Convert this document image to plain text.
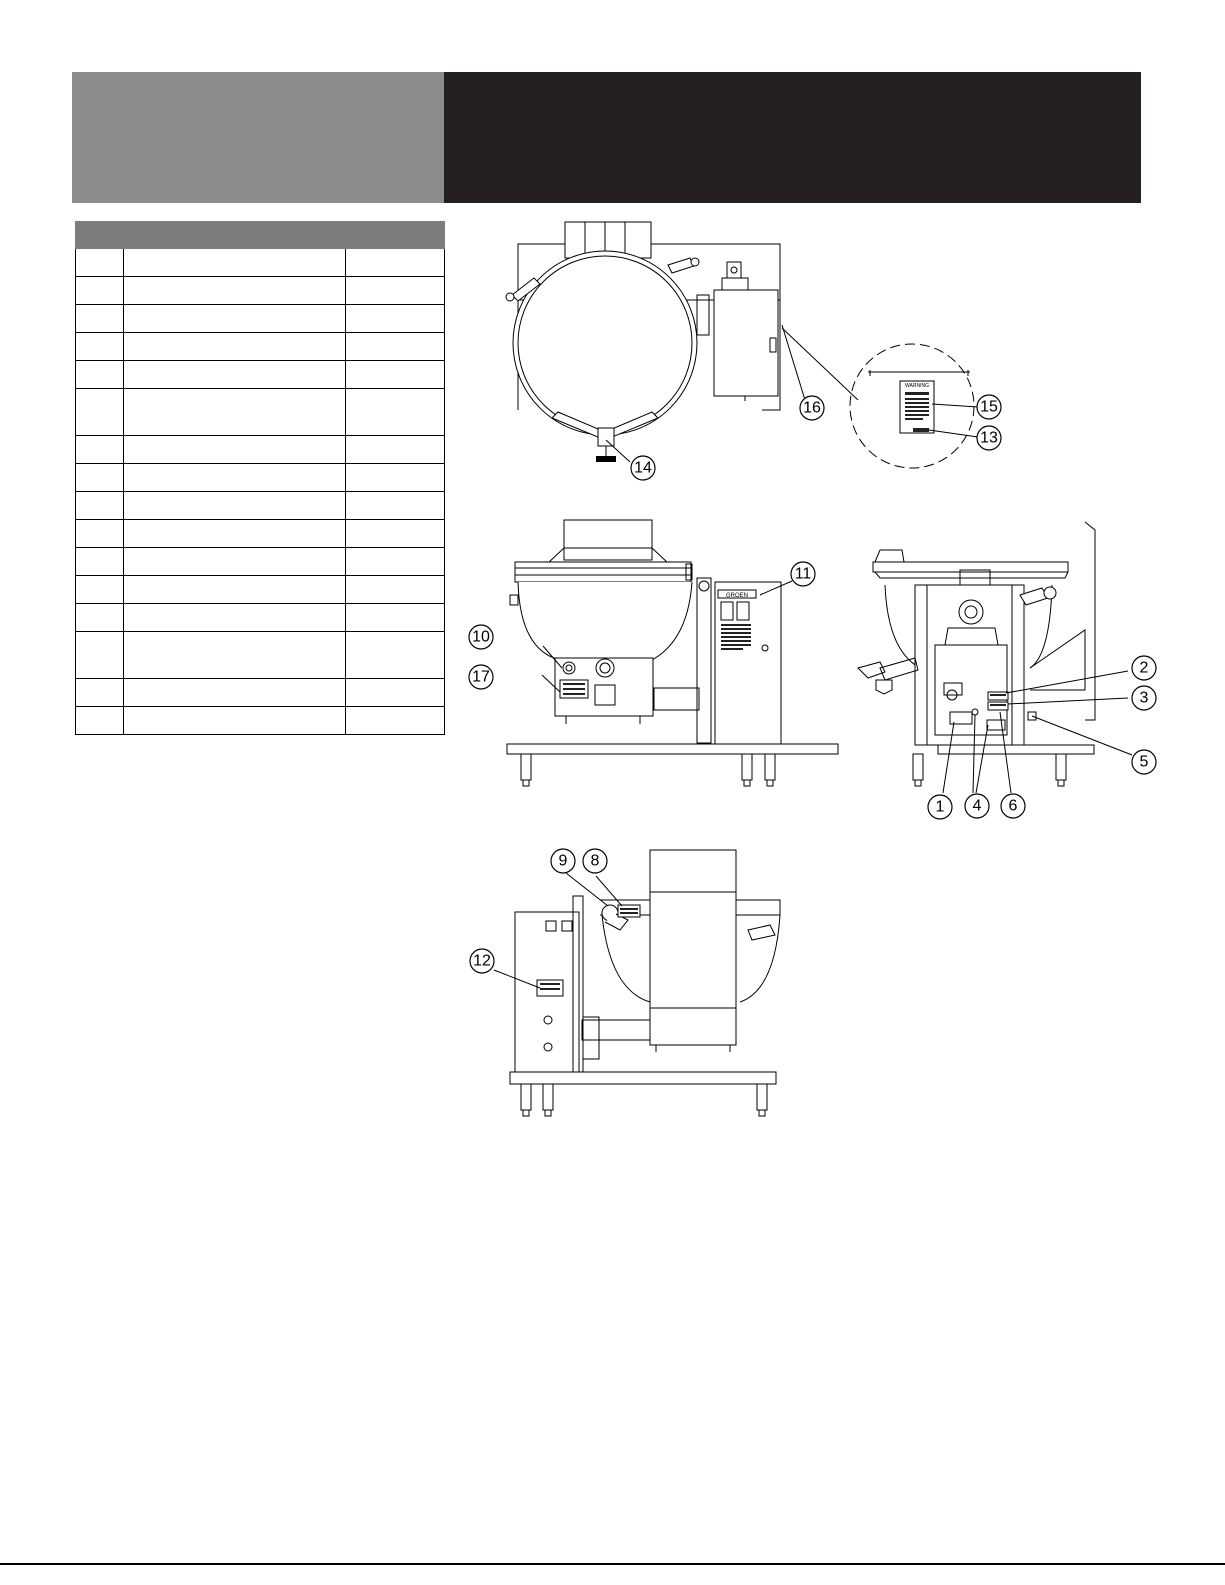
WARNING
GROEN
16	15
13
14
11
10
17
2
3
5
1 4 6
9 8
12
